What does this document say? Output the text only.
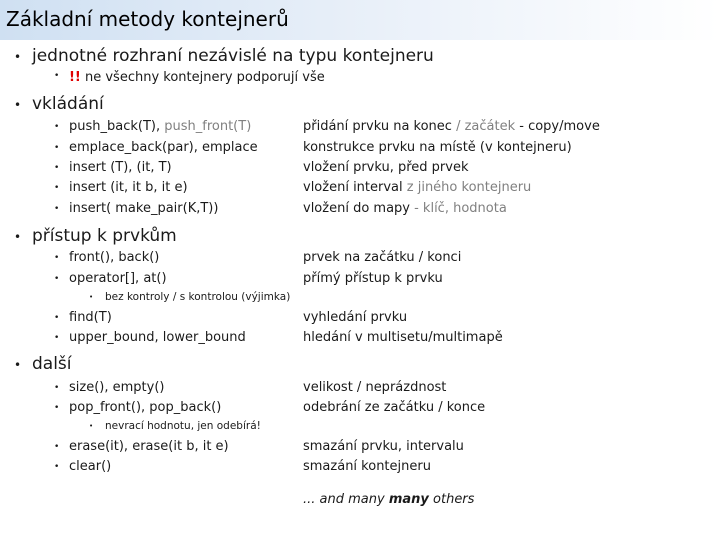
Základní metody kontejnerů
• jednotné rozhraní nezávislé na typu kontejneru
• !! ne všechny kontejnery podporují vše
• vkládání
• push_back(T), push_front(T)	přidání prvku na konec / začátek - copy/move
• emplace_back(par), emplace	konstrukce prvku na místě (v kontejneru)
• insert (T), (it, T)	vložení prvku, před prvek
• insert (it, it b, it e)	vložení interval z jiného kontejneru
• insert( make_pair(K,T))	vložení do mapy - klíč, hodnota
• přístup k prvkům
• front(), back()	prvek na začátku / konci
• operator[], at()	přímý přístup k prvku
• bez kontroly / s kontrolou (výjimka)
• find(T)	vyhledání prvku
• upper_bound, lower_bound	hledání v multisetu/multimapě
• další
• size(), empty()	velikost / neprázdnost
• pop_front(), pop_back()	odebrání ze začátku / konce
• nevrací hodnotu, jen odebírá!
• erase(it), erase(it b, it e)	smazání prvku, intervalu
• clear()	smazání kontejneru
... and many many others
